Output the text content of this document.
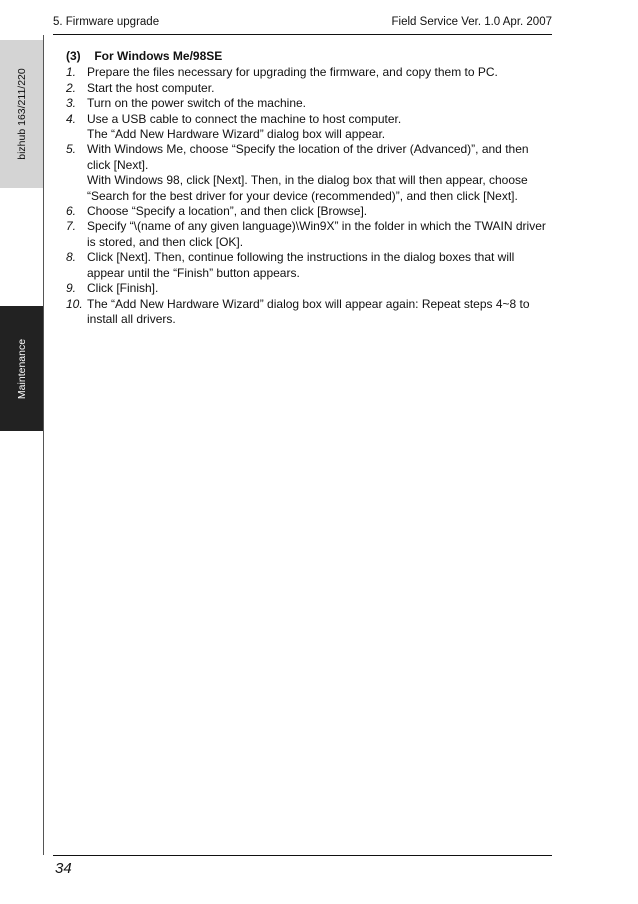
5. Firmware upgrade	Field Service Ver. 1.0 Apr. 2007
bizhub 163/211/220
Maintenance
(3) For Windows Me/98SE
1. Prepare the files necessary for upgrading the firmware, and copy them to PC.
2. Start the host computer.
3. Turn on the power switch of the machine.
4. Use a USB cable to connect the machine to host computer.
The “Add New Hardware Wizard” dialog box will appear.
5. With Windows Me, choose “Specify the location of the driver (Advanced)”, and then click [Next].
With Windows 98, click [Next]. Then, in the dialog box that will then appear, choose “Search for the best driver for your device (recommended)”, and then click [Next].
6. Choose “Specify a location”, and then click [Browse].
7. Specify “\(name of any given language)\Win9X” in the folder in which the TWAIN driver is stored, and then click [OK].
8. Click [Next]. Then, continue following the instructions in the dialog boxes that will appear until the “Finish” button appears.
9. Click [Finish].
10. The “Add New Hardware Wizard” dialog box will appear again: Repeat steps 4~8 to install all drivers.
34
